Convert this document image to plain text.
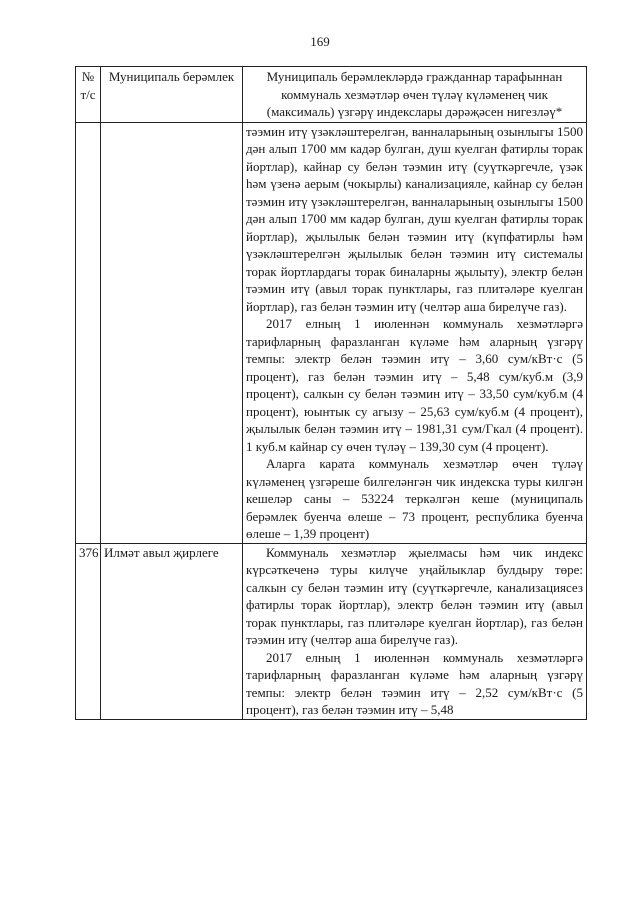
169
№ т/с	Муниципаль берәмлек	Муниципаль берәмлекләрдә гражданнар тарафыннан коммуналь хезмәтләр өчен түләү күләменең чик (максималь) үзгәрү индекслары дәрәҗәсен нигезләү*

		тәэмин итү үзәкләштерелгән, ванналарының озынлыгы 1500 дән алып 1700 мм кадәр булган, душ куелган фатирлы торак йортлар), кайнар су белән тәэмин итү (суүткәргечле, үзәк һәм үзенә аерым (чокырлы) канализацияле, кайнар су белән тәэмин итү үзәкләштерелгән, ванналарының озынлыгы 1500 дән алып 1700 мм кадәр булган, душ куелган фатирлы торак йортлар), җылылык белән тәэмин итү (күпфатирлы һәм үзәкләштерелгән җылылык белән тәэмин итү системалы торак йортлардагы торак биналарны җылыту), электр белән тәэмин итү (авыл торак пунктлары, газ плитәләре куелган йортлар), газ белән тәэмин итү (челтәр аша бирелүче газ).

2017 елның 1 июленнән коммуналь хезмәтләргә тарифларның фаразланган күләме һәм аларның үзгәрү темпы: электр белән тәэмин итү – 3,60 сум/кВт·с (5 процент), газ белән тәэмин итү – 5,48 сум/куб.м (3,9 процент), салкын су белән тәэмин итү – 33,50 сум/куб.м (4 процент), юынтык су агызу – 25,63 сум/куб.м (4 процент), җылылык белән тәэмин итү – 1981,31 сум/Гкал (4 процент). 1 куб.м кайнар су өчен түләү – 139,30 сум (4 процент).

Аларга карата коммуналь хезмәтләр өчен түләү күләменең үзгәреше билгеләнгән чик индекска туры килгән кешеләр саны – 53224 теркәлгән кеше (муниципаль берәмлек буенча өлеше – 73 процент, республика буенча өлеше – 1,39 процент)

376	Илмәт авыл җирлеге	Коммуналь хезмәтләр җыелмасы һәм чик индекс күрсәткеченә туры килүче уңайлыклар булдыру төре: салкын су белән тәэмин итү (суүткәргечле, канализациясез фатирлы торак йортлар), электр белән тәэмин итү (авыл торак пунктлары, газ плитәләре куелган йортлар), газ белән тәэмин итү (челтәр аша бирелүче газ).

2017 елның 1 июленнән коммуналь хезмәтләргә тарифларның фаразланган күләме һәм аларның үзгәрү темпы: электр белән тәэмин итү – 2,52 сум/кВт·с (5 процент), газ белән тәэмин итү – 5,48
